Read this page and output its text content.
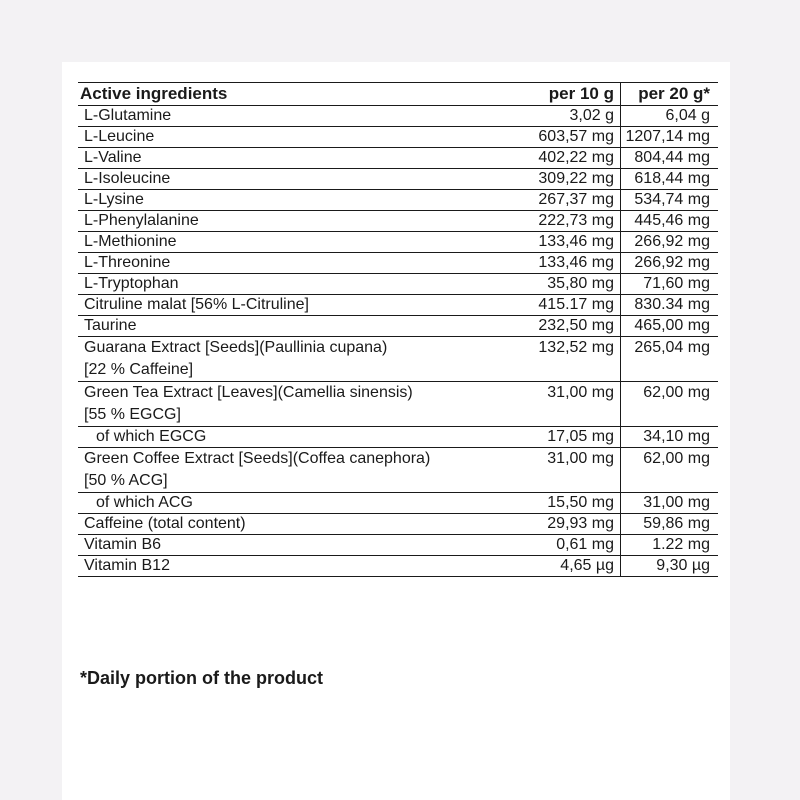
Active ingredients	per 10 g	per 20 g*
L-Glutamine	3,02 g	6,04 g
L-Leucine	603,57 mg 1207,14 mg
L-Valine	402,22 mg	804,44 mg
L-Isoleucine	309,22 mg	618,44 mg
L-Lysine	267,37 mg	534,74 mg
L-Phenylalanine	222,73 mg	445,46 mg
L-Methionine	133,46 mg	266,92 mg
L-Threonine	133,46 mg	266,92 mg
L-Tryptophan	35,80 mg	71,60 mg
Citruline malat [56% L-Citruline]	415.17 mg	830.34 mg
Taurine	232,50 mg	465,00 mg
Guarana Extract [Seeds](Paullinia cupana)
[22 % Caffeine]
132,52 mg	265,04 mg
Green Tea Extract [Leaves](Camellia sinensis)
[55 % EGCG]
31,00 mg	62,00 mg
of which EGCG	17,05 mg	34,10 mg
Green Coffee Extract [Seeds](Coffea canephora)
[50 % ACG]
31,00 mg	62,00 mg
of which ACG	15,50 mg	31,00 mg
Caffeine (total content)	29,93 mg	59,86 mg
Vitamin B6	0,61 mg	1.22 mg
Vitamin B12	4,65 µg	9,30 µg
*Daily portion of the product
